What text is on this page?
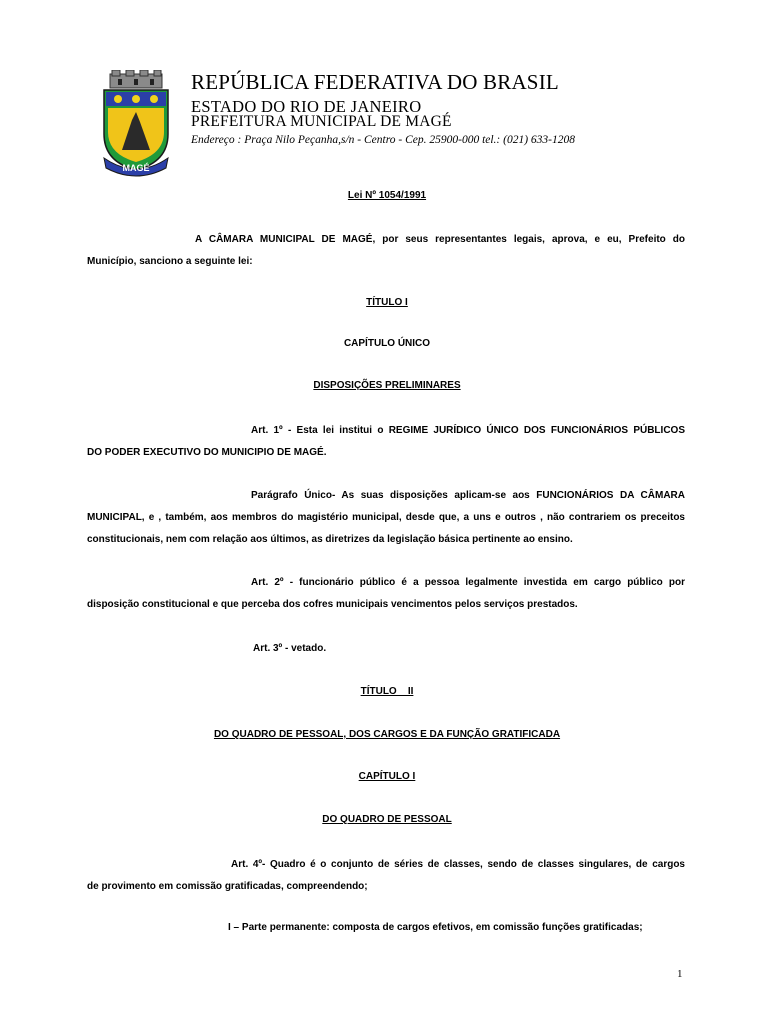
MAGÉ
REPÚBLICA FEDERATIVA DO BRASIL
ESTADO DO RIO DE JANEIRO
PREFEITURA MUNICIPAL DE MAGÉ
Endereço : Praça Nilo Peçanha,s/n - Centro - Cep. 25900-000 tel.: (021) 633-1208
Lei Nº 1054/1991
A CÂMARA MUNICIPAL DE MAGÉ, por seus representantes legais, aprova, e eu, Prefeito do
Município, sanciono a seguinte lei:
TÍTULO I
CAPÍTULO ÚNICO
DISPOSIÇÕES PRELIMINARES
Art. 1º - Esta lei institui o REGIME JURÍDICO ÚNICO DOS FUNCIONÁRIOS PÚBLICOS
DO PODER EXECUTIVO DO MUNICIPIO DE MAGÉ.
Parágrafo Único- As suas disposições aplicam-se aos FUNCIONÁRIOS DA CÂMARA
MUNICIPAL, e , também, aos membros do magistério municipal, desde que, a uns e outros , não contrariem os preceitos
constitucionais, nem com relação aos últimos, as diretrizes da legislação básica pertinente ao ensino.
Art. 2º - funcionário público é a pessoa legalmente investida em cargo público por
disposição constitucional e que perceba dos cofres municipais vencimentos pelos serviços prestados.
Art. 3º - vetado.
TÍTULO    II
DO QUADRO DE PESSOAL, DOS CARGOS E DA FUNÇÃO GRATIFICADA
CAPÍTULO I
DO QUADRO DE PESSOAL
Art. 4º- Quadro é o conjunto de séries de classes, sendo de classes singulares, de cargos
de provimento em comissão gratificadas, compreendendo;
I – Parte permanente: composta de cargos efetivos, em comissão funções gratificadas;
1
